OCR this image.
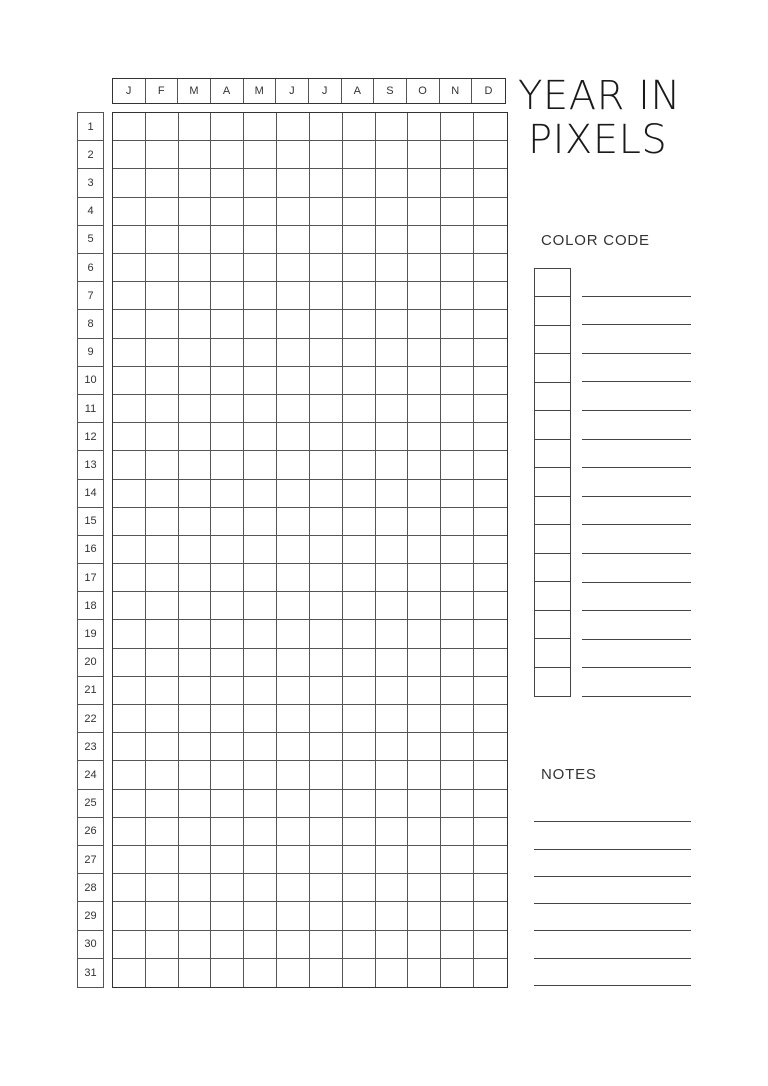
J	F	M	A	M	J	J	A	S	O	N	D
1
2
3
4
5
6
7
8
9
10
11
12
13
14
15
16
17
18
19
20
21
22
23
24
25
26
27
28
29
30
31
YEAR IN
PIXELS
COLOR CODE
NOTES
